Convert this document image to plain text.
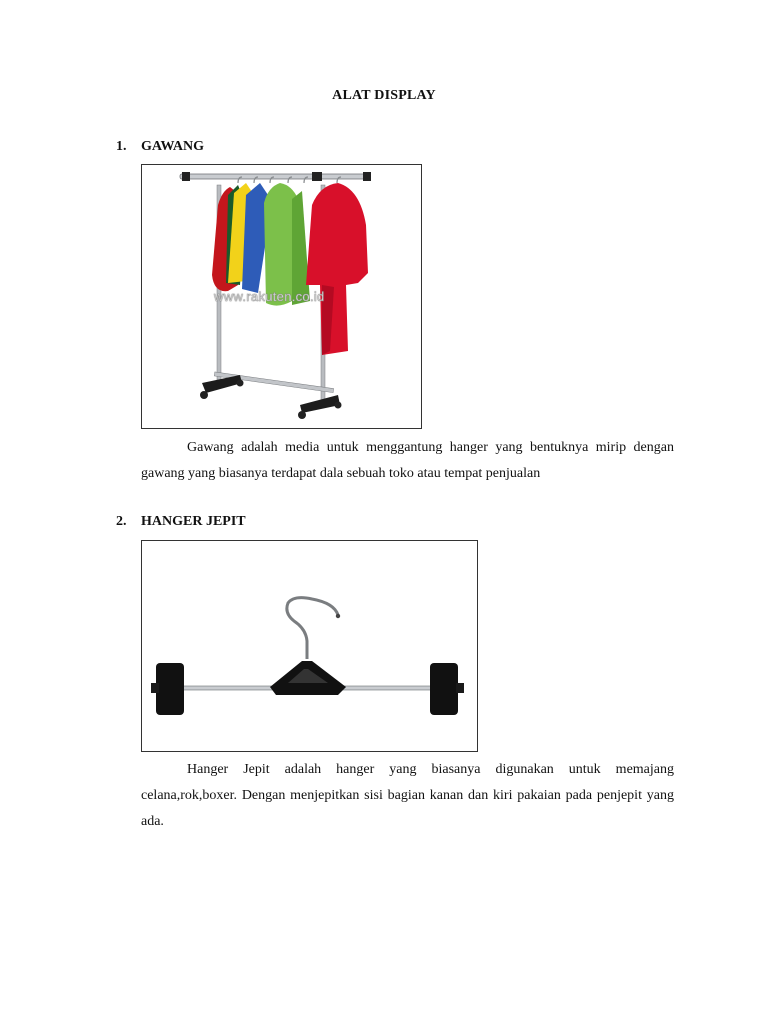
ALAT DISPLAY
1. GAWANG
www.rakuten.co.id
Gawang adalah media untuk menggantung hanger yang bentuknya mirip dengan gawang yang biasanya terdapat dala sebuah toko atau tempat penjualan
2. HANGER JEPIT
Hanger Jepit adalah hanger yang biasanya digunakan untuk memajang celana,rok,boxer. Dengan menjepitkan sisi bagian kanan dan kiri pakaian pada penjepit yang ada.
